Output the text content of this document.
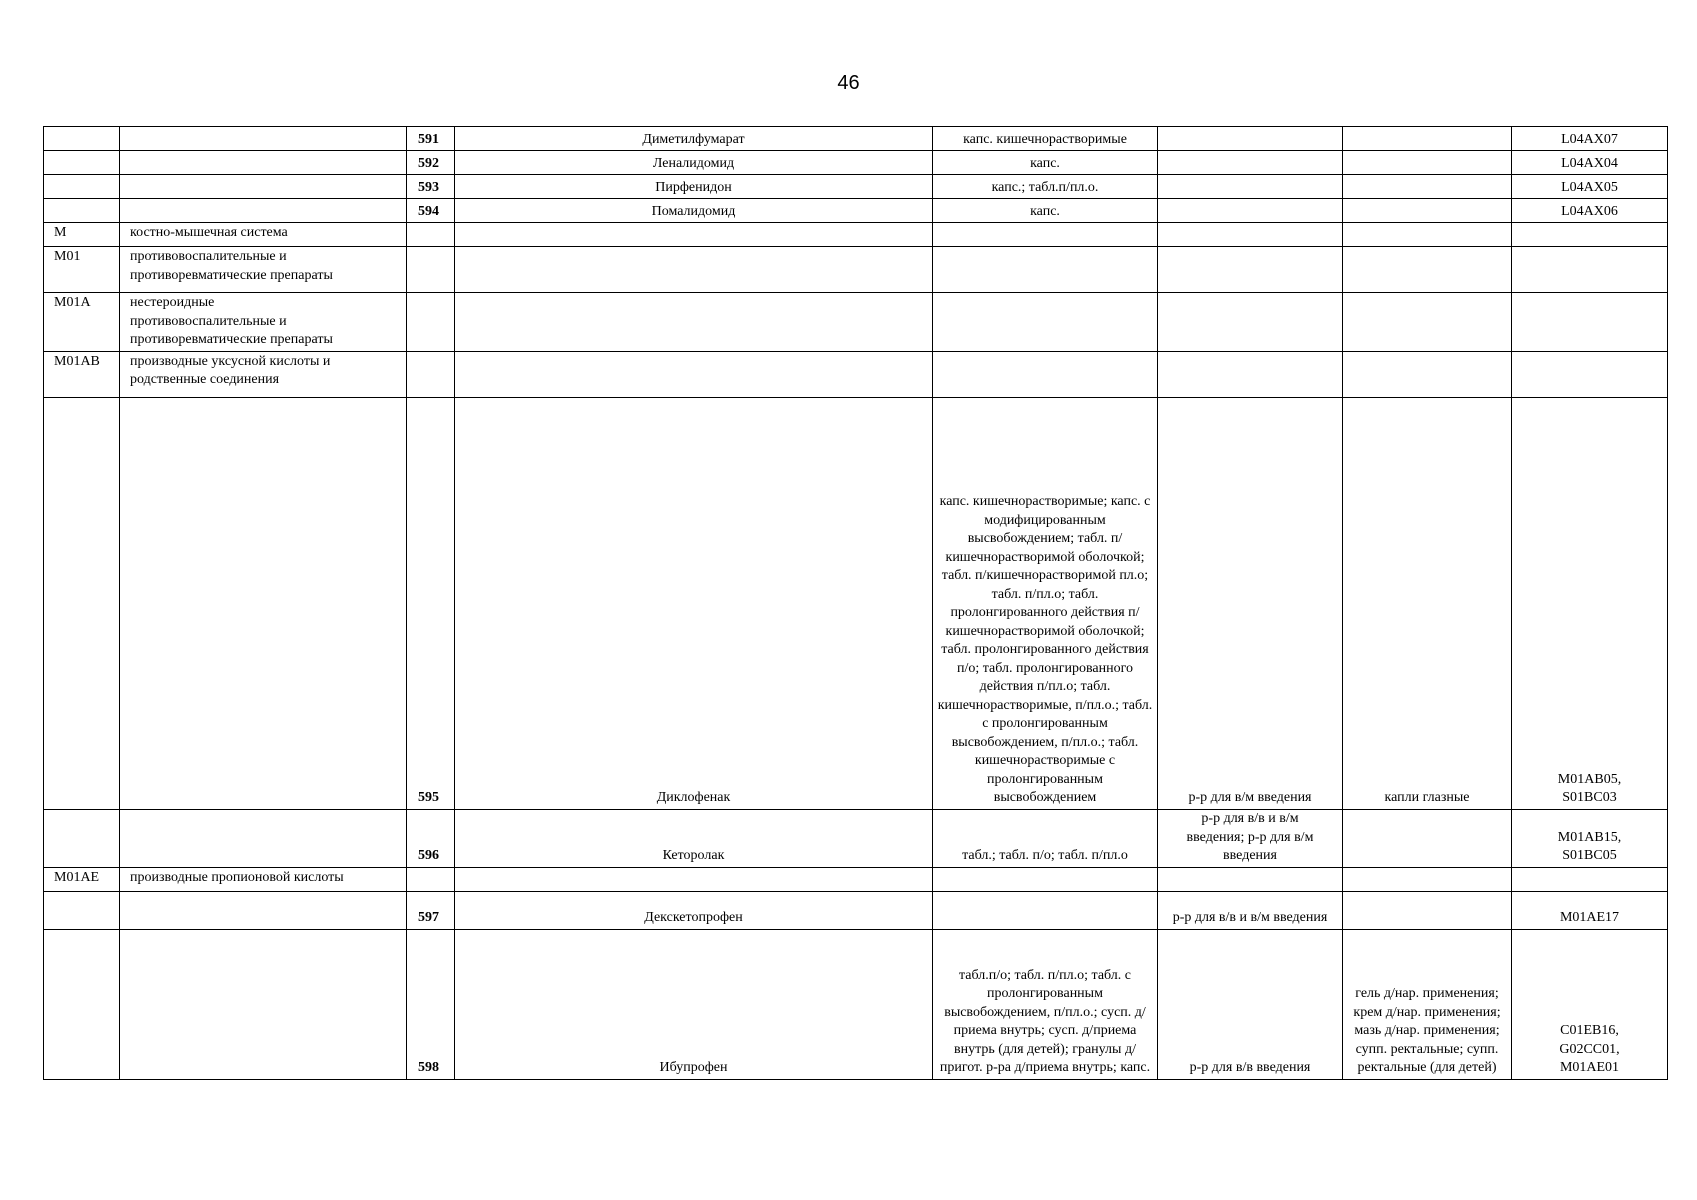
46
		591	Диметилфумарат	капс. кишечнорастворимые			L04AX07
		592	Леналидомид	капс.			L04AX04
		593	Пирфенидон	капс.; табл.п/пл.о.			L04AX05
		594	Помалидомид	капс.			L04AX06
M	костно-мышечная система						
M01	противовоспалительные и противоревматические препараты						
M01A	нестероидные противовоспалительные и противоревматические препараты						
M01AB	производные уксусной кислоты и родственные соединения						
		595	Диклофенак	капс. кишечнорастворимые; капс. с модифицированным высвобождением; табл. п/кишечнорастворимой оболочкой; табл. п/кишечнорастворимой пл.о; табл. п/пл.о; табл. пролонгированного действия п/кишечнорастворимой оболочкой; табл. пролонгированного действия п/о; табл. пролонгированного действия п/пл.о; табл. кишечнорастворимые, п/пл.о.; табл. с пролонгированным высвобождением, п/пл.о.; табл. кишечнорастворимые с пролонгированным высвобождением	р-р для в/м введения	капли глазные	M01AB05, S01BC03
		596	Кеторолак	табл.; табл. п/о; табл. п/пл.о	р-р для в/в и в/м введения; р-р для в/м введения		M01AB15, S01BC05
M01AE	производные пропионовой кислоты						
		597	Декскетопрофен		р-р для в/в и в/м введения		M01AE17
		598	Ибупрофен	табл.п/о; табл. п/пл.о; табл. с пролонгированным высвобождением, п/пл.о.; сусп. д/приема внутрь; сусп. д/приема внутрь (для детей); гранулы д/пригот. р-ра д/приема внутрь; капс.	р-р для в/в введения	гель д/нар. применения; крем д/нар. применения; мазь д/нар. применения; супп. ректальные; супп. ректальные (для детей)	C01EB16, G02CC01, M01AE01
